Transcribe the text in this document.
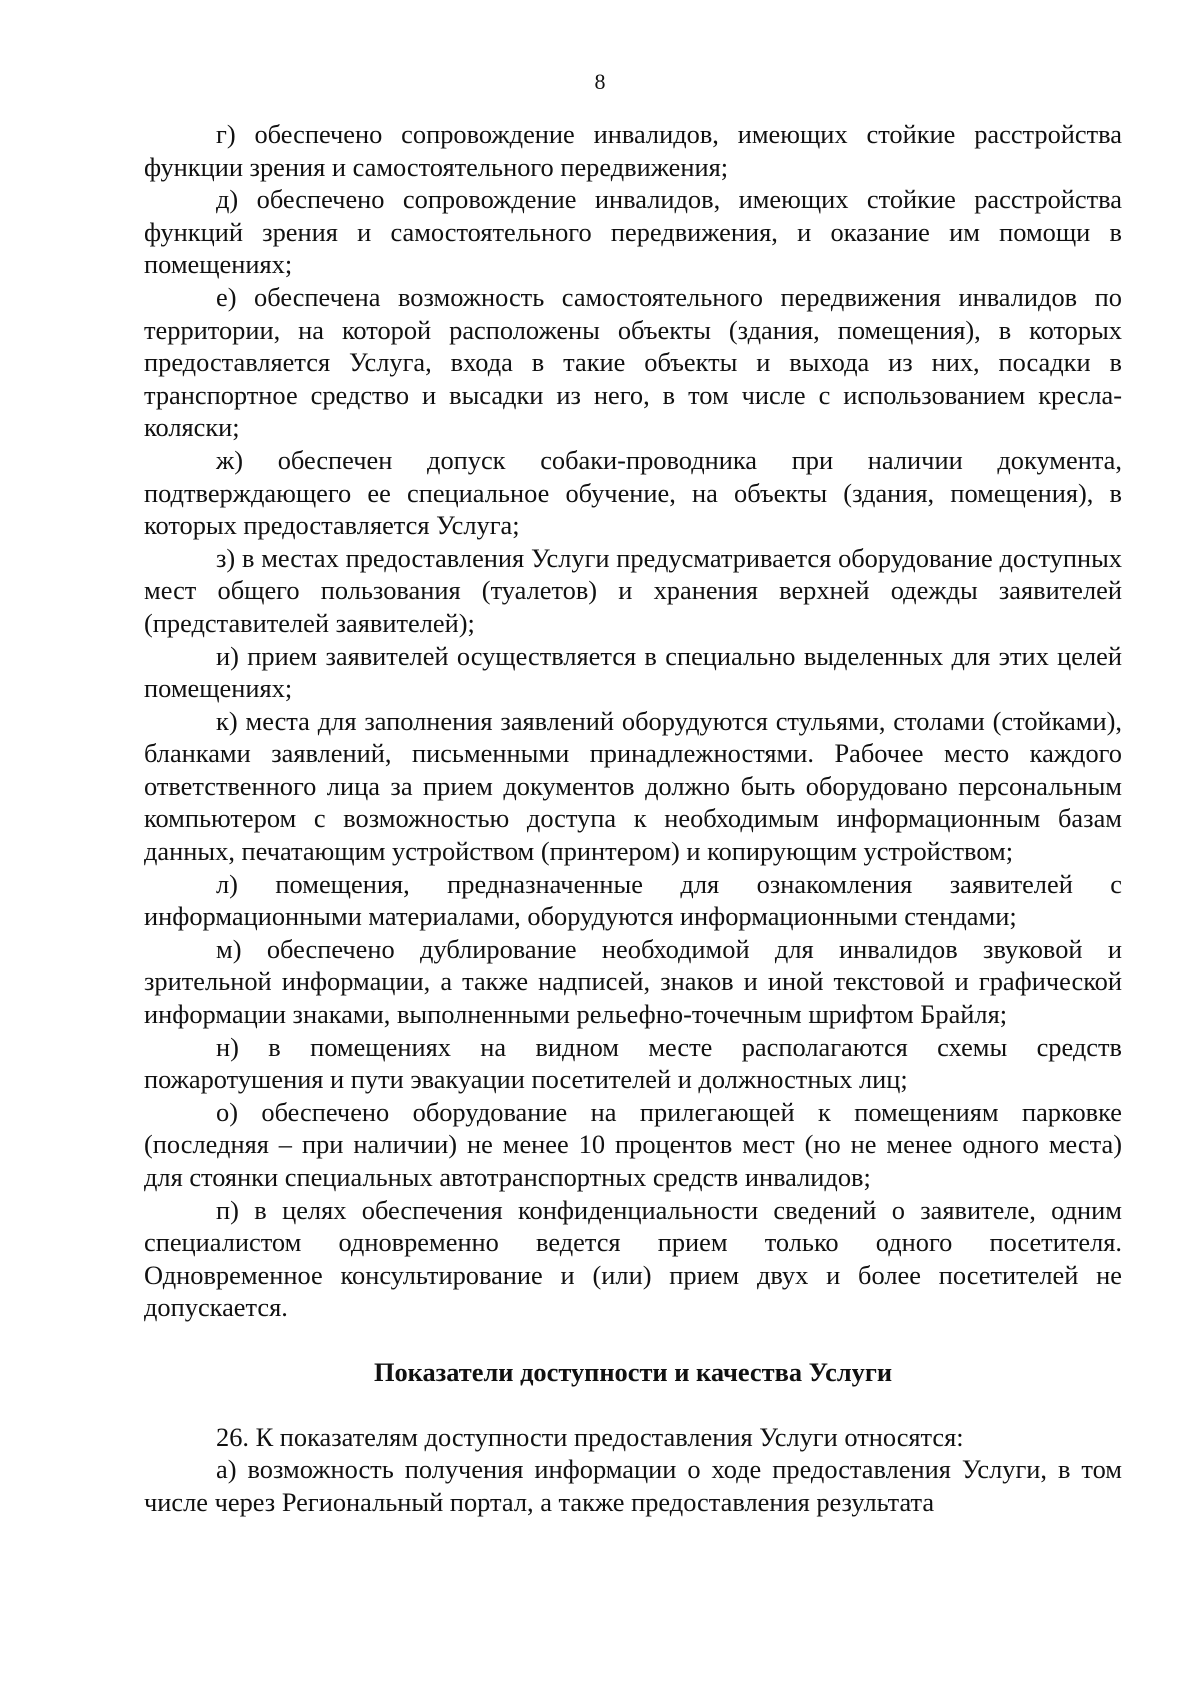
8

г) обеспечено сопровождение инвалидов, имеющих стойкие расстройства функции зрения и самостоятельного передвижения;

д) обеспечено сопровождение инвалидов, имеющих стойкие расстройства функций зрения и самостоятельного передвижения, и оказание им помощи в помещениях;

е) обеспечена возможность самостоятельного передвижения инвалидов по территории, на которой расположены объекты (здания, помещения), в которых предоставляется Услуга, входа в такие объекты и выхода из них, посадки в транспортное средство и высадки из него, в том числе с использованием кресла-коляски;

ж) обеспечен допуск собаки-проводника при наличии документа, подтверждающего ее специальное обучение, на объекты (здания, помещения), в которых предоставляется Услуга;

з) в местах предоставления Услуги предусматривается оборудование доступных мест общего пользования (туалетов) и хранения верхней одежды заявителей (представителей заявителей);

и) прием заявителей осуществляется в специально выделенных для этих целей помещениях;

к) места для заполнения заявлений оборудуются стульями, столами (стойками), бланками заявлений, письменными принадлежностями. Рабочее место каждого ответственного лица за прием документов должно быть оборудовано персональным компьютером с возможностью доступа к необходимым информационным базам данных, печатающим устройством (принтером) и копирующим устройством;

л) помещения, предназначенные для ознакомления заявителей с информационными материалами, оборудуются информационными стендами;

м) обеспечено дублирование необходимой для инвалидов звуковой и зрительной информации, а также надписей, знаков и иной текстовой и графической информации знаками, выполненными рельефно-точечным шрифтом Брайля;

н) в помещениях на видном месте располагаются схемы средств пожаротушения и пути эвакуации посетителей и должностных лиц;

о) обеспечено оборудование на прилегающей к помещениям парковке (последняя – при наличии) не менее 10 процентов мест (но не менее одного места) для стоянки специальных автотранспортных средств инвалидов;

п) в целях обеспечения конфиденциальности сведений о заявителе, одним специалистом одновременно ведется прием только одного посетителя. Одновременное консультирование и (или) прием двух и более посетителей не допускается.

Показатели доступности и качества Услуги

26. К показателям доступности предоставления Услуги относятся:

а) возможность получения информации о ходе предоставления Услуги, в том числе через Региональный портал, а также предоставления результата
